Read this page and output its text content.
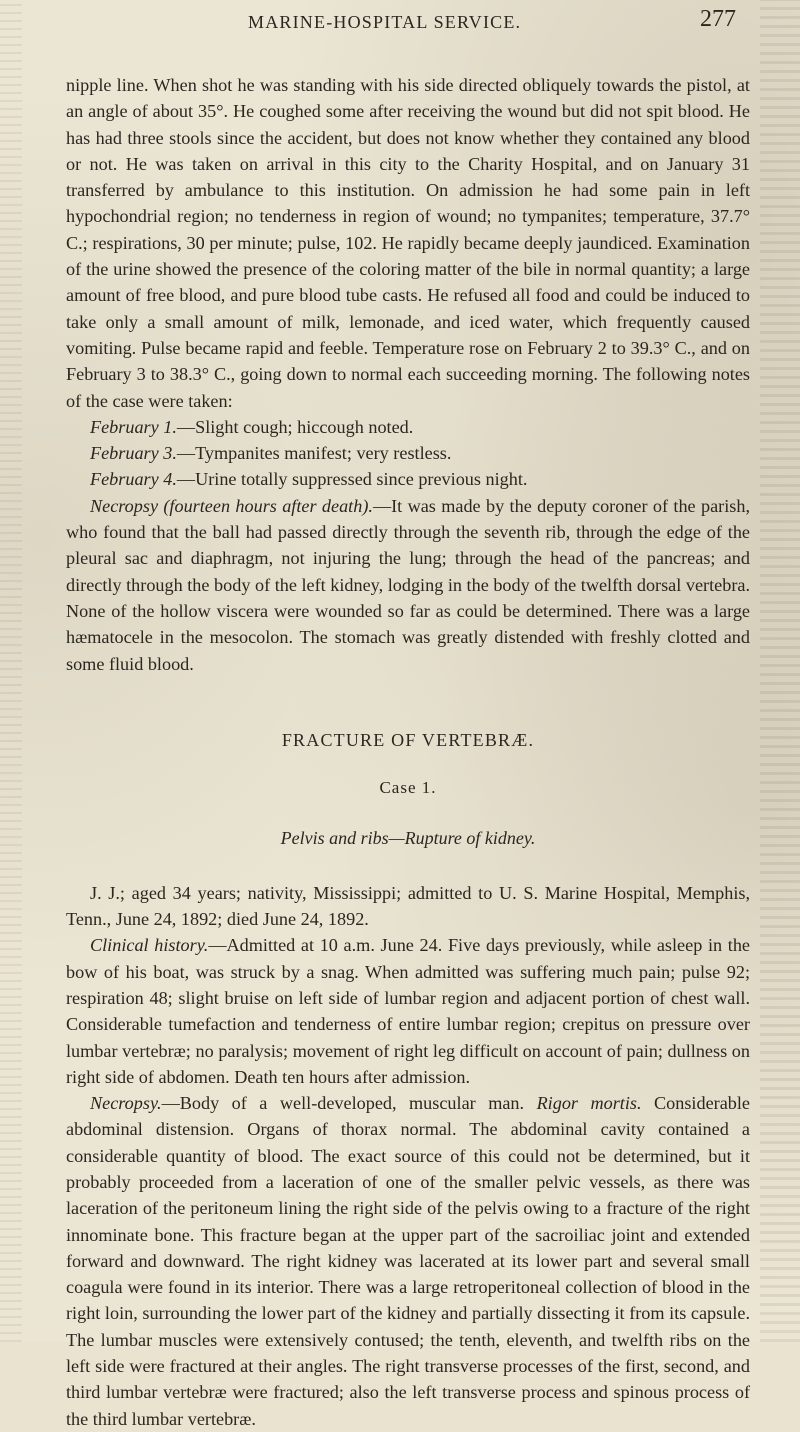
MARINE-HOSPITAL SERVICE.	277

nipple line. When shot he was standing with his side directed obliquely towards the pistol, at an angle of about 35°. He coughed some after receiving the wound but did not spit blood. He has had three stools since the accident, but does not know whether they contained any blood or not. He was taken on arrival in this city to the Charity Hospital, and on January 31 transferred by ambulance to this institution. On admission he had some pain in left hypochondrial region; no tenderness in region of wound; no tympanites; temperature, 37.7° C.; respirations, 30 per minute; pulse, 102. He rapidly became deeply jaundiced. Examination of the urine showed the presence of the coloring matter of the bile in normal quantity; a large amount of free blood, and pure blood tube casts. He refused all food and could be induced to take only a small amount of milk, lemonade, and iced water, which frequently caused vomiting. Pulse became rapid and feeble. Temperature rose on February 2 to 39.3° C., and on February 3 to 38.3° C., going down to normal each succeeding morning. The following notes of the case were taken:

February 1.—Slight cough; hiccough noted.

February 3.—Tympanites manifest; very restless.

February 4.—Urine totally suppressed since previous night.

Necropsy (fourteen hours after death).—It was made by the deputy coroner of the parish, who found that the ball had passed directly through the seventh rib, through the edge of the pleural sac and diaphragm, not injuring the lung; through the head of the pancreas; and directly through the body of the left kidney, lodging in the body of the twelfth dorsal vertebra. None of the hollow viscera were wounded so far as could be determined. There was a large hæmatocele in the mesocolon. The stomach was greatly distended with freshly clotted and some fluid blood.

FRACTURE OF VERTEBRÆ.

Case 1.

Pelvis and ribs—Rupture of kidney.

J. J.; aged 34 years; nativity, Mississippi; admitted to U. S. Marine Hospital, Memphis, Tenn., June 24, 1892; died June 24, 1892.

Clinical history.—Admitted at 10 a.m. June 24. Five days previously, while asleep in the bow of his boat, was struck by a snag. When admitted was suffering much pain; pulse 92; respiration 48; slight bruise on left side of lumbar region and adjacent portion of chest wall. Considerable tumefaction and tenderness of entire lumbar region; crepitus on pressure over lumbar vertebræ; no paralysis; movement of right leg difficult on account of pain; dullness on right side of abdomen. Death ten hours after admission.

Necropsy.—Body of a well-developed, muscular man. Rigor mortis. Considerable abdominal distension. Organs of thorax normal. The abdominal cavity contained a considerable quantity of blood. The exact source of this could not be determined, but it probably proceeded from a laceration of one of the smaller pelvic vessels, as there was laceration of the peritoneum lining the right side of the pelvis owing to a fracture of the right innominate bone. This fracture began at the upper part of the sacroiliac joint and extended forward and downward. The right kidney was lacerated at its lower part and several small coagula were found in its interior. There was a large retroperitoneal collection of blood in the right loin, surrounding the lower part of the kidney and partially dissecting it from its capsule. The lumbar muscles were extensively contused; the tenth, eleventh, and twelfth ribs on the left side were fractured at their angles. The right transverse processes of the first, second, and third lumbar vertebræ were fractured; also the left transverse process and spinous process of the third lumbar vertebræ.
